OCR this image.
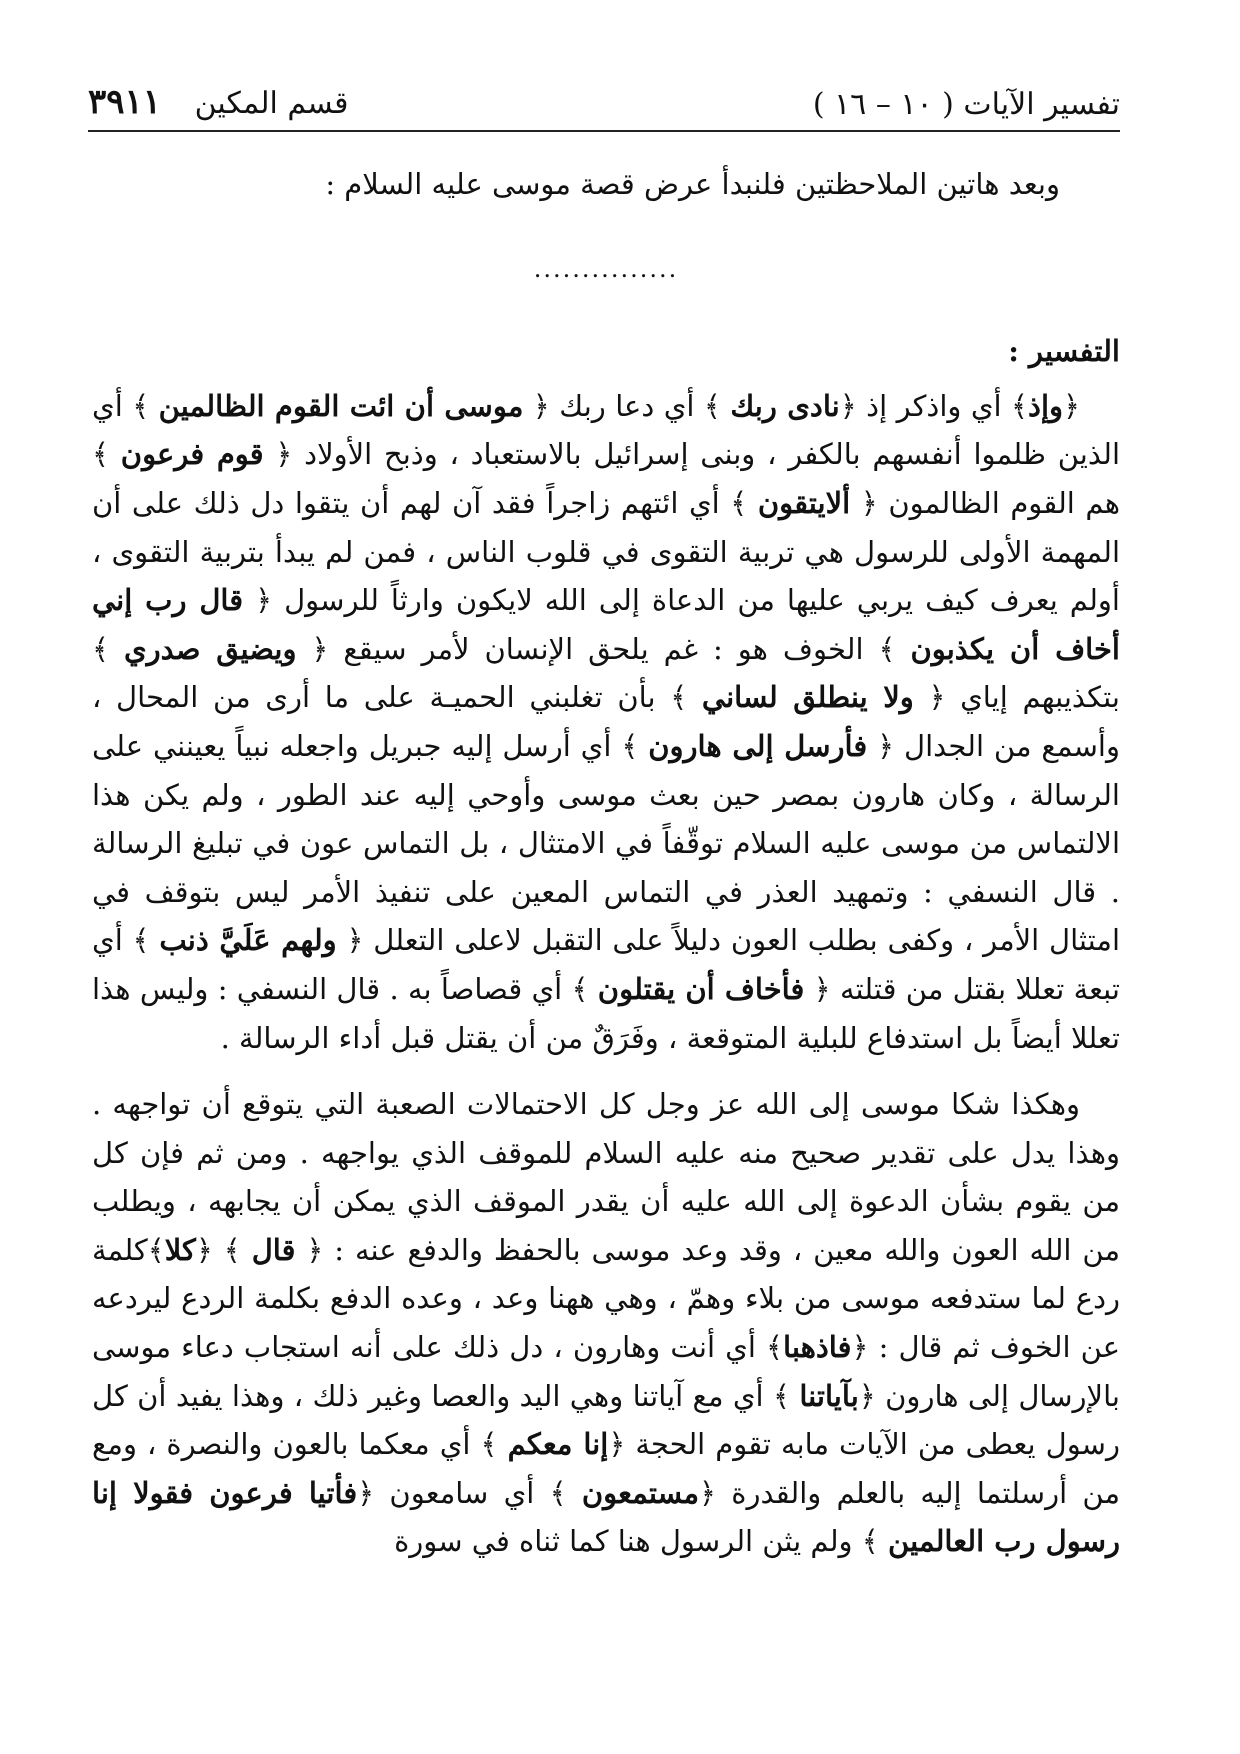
تفسير الآيات ( ١٠ – ١٦ )
قسم المكين ٣٩١١

وبعد هاتين الملاحظتين فلنبدأ عرض قصة موسى عليه السلام :

...............

التفسير :

﴿وإذ﴾ أي واذكر إذ ﴿نادى ربك ﴾ أي دعا ربك ﴿ موسى أن ائت القوم الظالمين ﴾ أي الذين ظلموا أنفسهم بالكفر ، وبنى إسرائيل بالاستعباد ، وذبح الأولاد ﴿ قوم فرعون ﴾ هم القوم الظالمون ﴿ ألايتقون ﴾ أي ائتهم زاجراً فقد آن لهم أن يتقوا دل ذلك على أن المهمة الأولى للرسول هي تربية التقوى في قلوب الناس ، فمن لم يبدأ بتربية التقوى ، أولم يعرف كيف يربي عليها من الدعاة إلى الله لايكون وارثاً للرسول ﴿ قال رب إني أخاف أن يكذبون ﴾ الخوف هو : غم يلحق الإنسان لأمر سيقع ﴿ ويضيق صدري ﴾ بتكذيبهم إياي ﴿ ولا ينطلق لساني ﴾ بأن تغلبني الحميـة على ما أرى من المحال ، وأسمع من الجدال ﴿ فأرسل إلى هارون ﴾ أي أرسل إليه جبريل واجعله نبياً يعينني على الرسالة ، وكان هارون بمصر حين بعث موسى وأوحي إليه عند الطور ، ولم يكن هذا الالتماس من موسى عليه السلام توقّفاً في الامتثال ، بل التماس عون في تبليغ الرسالة . قال النسفي : وتمهيد العذر في التماس المعين على تنفيذ الأمر ليس بتوقف في امتثال الأمر ، وكفى بطلب العون دليلاً على التقبل لاعلى التعلل ﴿ ولهم عَلَيَّ ذنب ﴾ أي تبعة تعللا بقتل من قتلته ﴿ فأخاف أن يقتلون ﴾ أي قصاصاً به . قال النسفي : وليس هذا تعللا أيضاً بل استدفاع للبلية المتوقعة ، وفَرَقٌ من أن يقتل قبل أداء الرسالة .

وهكذا شكا موسى إلى الله عز وجل كل الاحتمالات الصعبة التي يتوقع أن تواجهه . وهذا يدل على تقدير صحيح منه عليه السلام للموقف الذي يواجهه . ومن ثم فإن كل من يقوم بشأن الدعوة إلى الله عليه أن يقدر الموقف الذي يمكن أن يجابهه ، ويطلب من الله العون والله معين ، وقد وعد موسى بالحفظ والدفع عنه : ﴿ قال ﴾ ﴿كلا﴾كلمة ردع لما ستدفعه موسى من بلاء وهمّ ، وهي ههنا وعد ، وعده الدفع بكلمة الردع ليردعه عن الخوف ثم قال : ﴿فاذهبا﴾ أي أنت وهارون ، دل ذلك على أنه استجاب دعاء موسى بالإرسال إلى هارون ﴿بآياتنا ﴾ أي مع آياتنا وهي اليد والعصا وغير ذلك ، وهذا يفيد أن كل رسول يعطى من الآيات مابه تقوم الحجة ﴿إنا معكم ﴾ أي معكما بالعون والنصرة ، ومع من أرسلتما إليه بالعلم والقدرة ﴿مستمعون ﴾ أي سامعون ﴿فأتيا فرعون فقولا إنا رسول رب العالمين ﴾ ولم يثن الرسول هنا كما ثناه في سورة
